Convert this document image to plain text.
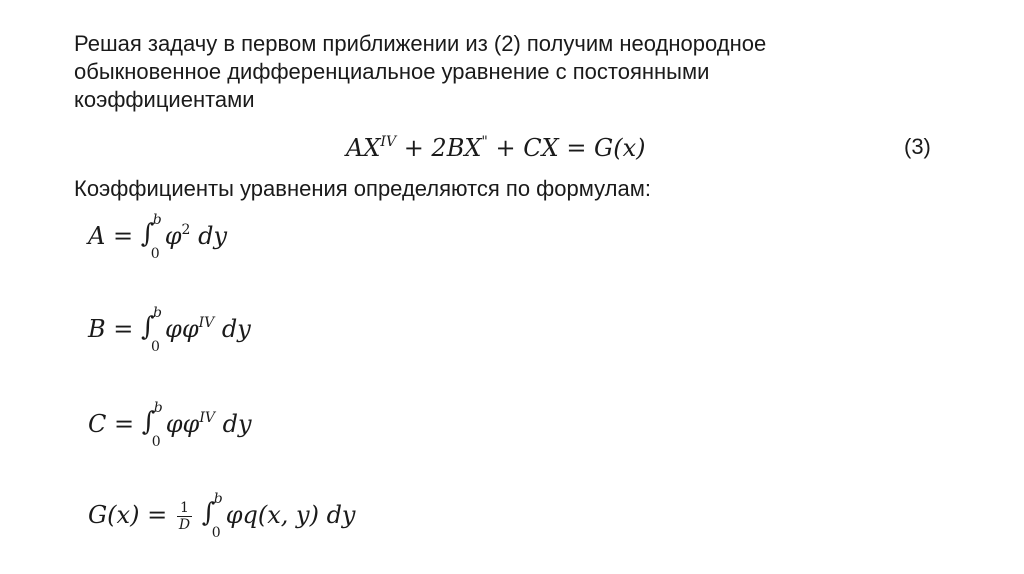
Решая задачу в первом приближении из (2) получим неоднородное
обыкновенное дифференциальное уравнение с постоянными
коэффициентами
$AX^{IV} + 2BX^"$ + CX = G(x)	(3)
Коэффициенты уравнения определяются по формулам:
A = ∫
b
0
$\varphi^2$ dy
B = ∫
b
0
$\varphi\varphi^{IV}$ dy
C = ∫
b
0
$\varphi\varphi^{IV}$ dy
$G(x) = \frac{1}{D}$
∫
b
0
φq(x, y) dy
